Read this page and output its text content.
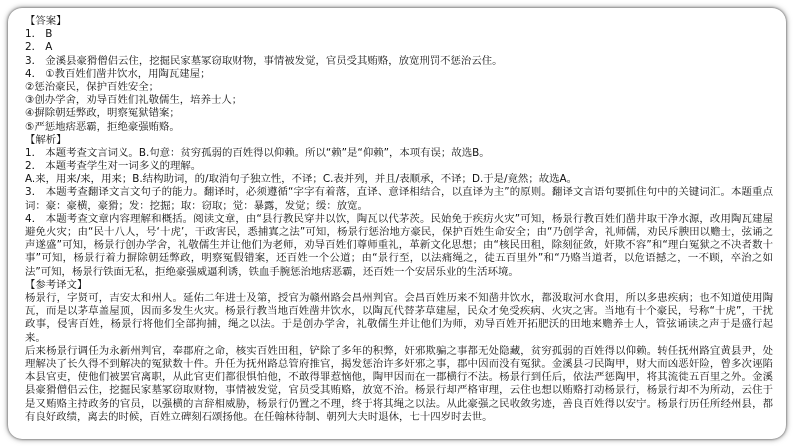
【答案】
1． B
2． A
3． 金溪县豪猾僧侣云住，挖掘民家墓冢窃取财物，事情被发觉，官员受其贿赂，放宽刑罚不惩治云住。
4． ①教百姓们凿井饮水，用陶瓦建屋；
②惩治豪民，保护百姓安全；
③创办学舍，劝导百姓们礼敬儒生，培养士人；
④摒除朝廷弊政，明察冤狱错案；
⑤严惩地痞恶霸，拒绝豪强贿赂。
【解析】
1． 本题考查文言词义。B.句意：贫穷孤弱的百姓得以仰赖。所以“赖”是“仰赖”，本项有误；故选B。
2． 本题考查学生对一词多义的理解。
A.来，用来/来，用来；B.结构助词，的/取消句子独立性，不译；C.表并列，并且/表顺承，不译；D.于是/竟然；故选A。
3． 本题考查翻译文言文句子的能力。翻译时，必须遵循“字字有着落，直译、意译相结合，以直译为主”的原则。翻译文言语句要抓住句中的关键词汇。本题重点词：豪：豪横，豪猾；发：挖掘；取：窃取；觉：暴露，发觉；缓：放宽。
4． 本题考查文章内容理解和概括。阅读文章，由“县行教民穿井以饮，陶瓦以代茅茨。民始免于疾疠火灾”可知，杨景行教百姓们凿井取干净水源，改用陶瓦建屋避免火灾；由“民十八人，号‘十虎’，干政害民，悉捕寘之法”可知，杨景行惩治地方豪民，保护百姓生命安全；由“乃创学舍，礼师儒，劝民斥腴田以赡士，弦诵之声遂盛”可知，杨景行创办学舍，礼敬儒生并让他们为老师，劝导百姓们尊师重礼，革新文化思想；由“核民田租，除刻征敛，奸欺不容”和“理白冤狱之不决者数十事”可知，杨景行着力摒除朝廷弊政，明察冤假错案，还百姓一个公道；由“景行至，以法痛绳之，徒五百里外”和“乃赂当道者，以危语撼之，一不顾，卒治之如法”可知，杨景行铁面无私，拒绝豪强威逼利诱，铁血手腕惩治地痞恶霸，还百姓一个安居乐业的生活环境。
【参考译文】
杨景行，字贤可，吉安太和州人。延佑二年进士及第，授官为赣州路会昌州判官。会昌百姓历来不知凿井饮水，都汲取河水食用，所以多患疾病；也不知道使用陶瓦，而是以茅草盖屋顶，因而多发生火灾。杨景行教当地百姓凿井饮水，以陶瓦代替茅草建屋，民众才免受疾病、火灾之害。当地有十个豪民，号称“十虎”，干扰政事，侵害百姓，杨景行将他们全部拘捕，绳之以法。于是创办学舍，礼敬儒生并让他们为师，劝导百姓开拓肥沃的田地来赡养士人，管弦诵读之声于是盛行起来。
后来杨景行调任为永新州判官，奉郡府之命，核实百姓田租，铲除了多年的积弊，奸邪欺骗之事都无处隐藏，贫穷孤弱的百姓得以仰赖。转任抚州路宜黄县尹，处理解决了长久得不到解决的冤狱数十件。升任为抚州路总管府推官，揭发惩治许多奸邪之事，郡中因而没有冤狱。金溪县刁民陶甲，财大而凶恶奸险，曾多次诬陷本县官吏，使他们被罢官离职，从此官吏们都很惧怕他，不敢得罪惹恼他，陶甲因而在一郡横行不法。杨景行到任后，依法严惩陶甲，将其流徙五百里之外。金溪县豪猾僧侣云住，挖掘民家墓冢窃取财物，事情被发觉，官员受其贿赂，放宽不治。杨景行却严格审理，云住也想以贿赂打动杨景行，杨景行却不为所动，云住于是又贿赂主持政务的官员，以强横的言辞相威胁，杨景行仍置之不理，终于将其绳之以法。从此豪强之民收敛劣迹，善良百姓得以安宁。杨景行历任所经州县，都有良好政绩，离去的时候，百姓立碑刻石颂扬他。在任翰林待制、朝列大夫时退休，七十四岁时去世。
